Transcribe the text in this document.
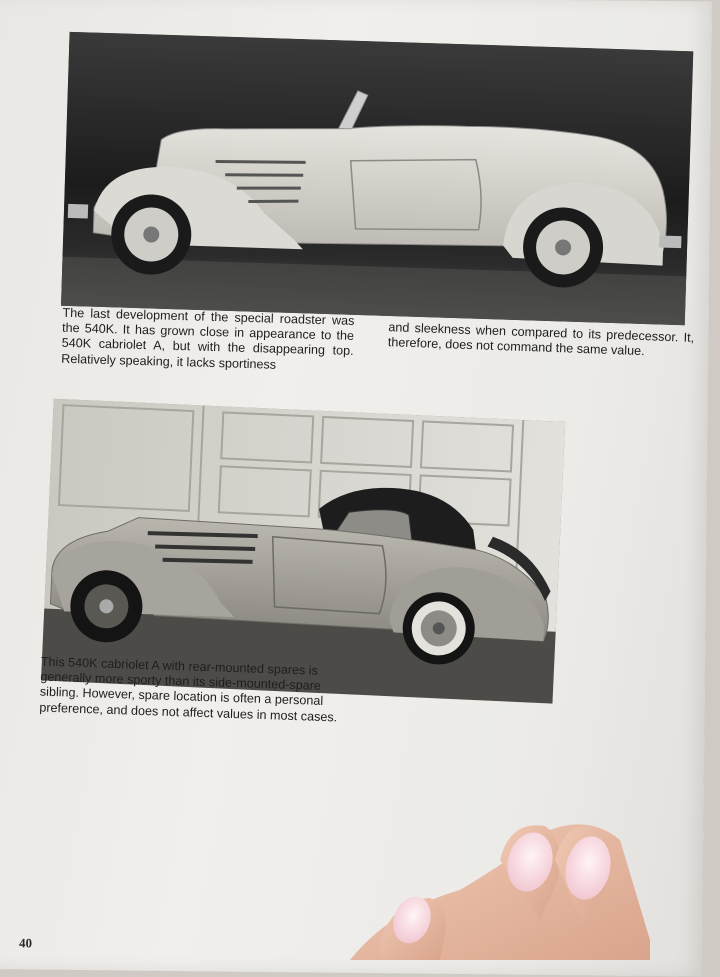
The last development of the special roadster was the 540K. It has grown close in appearance to the 540K cabriolet A, but with the disappearing top. Relatively speaking, it lacks sportiness
and sleekness when compared to its predecessor. It, therefore, does not command the same value.
This 540K cabriolet A with rear-mounted spares is generally more sporty than its side-mounted-spare sibling. However, spare location is often a personal preference, and does not affect values in most cases.
40
